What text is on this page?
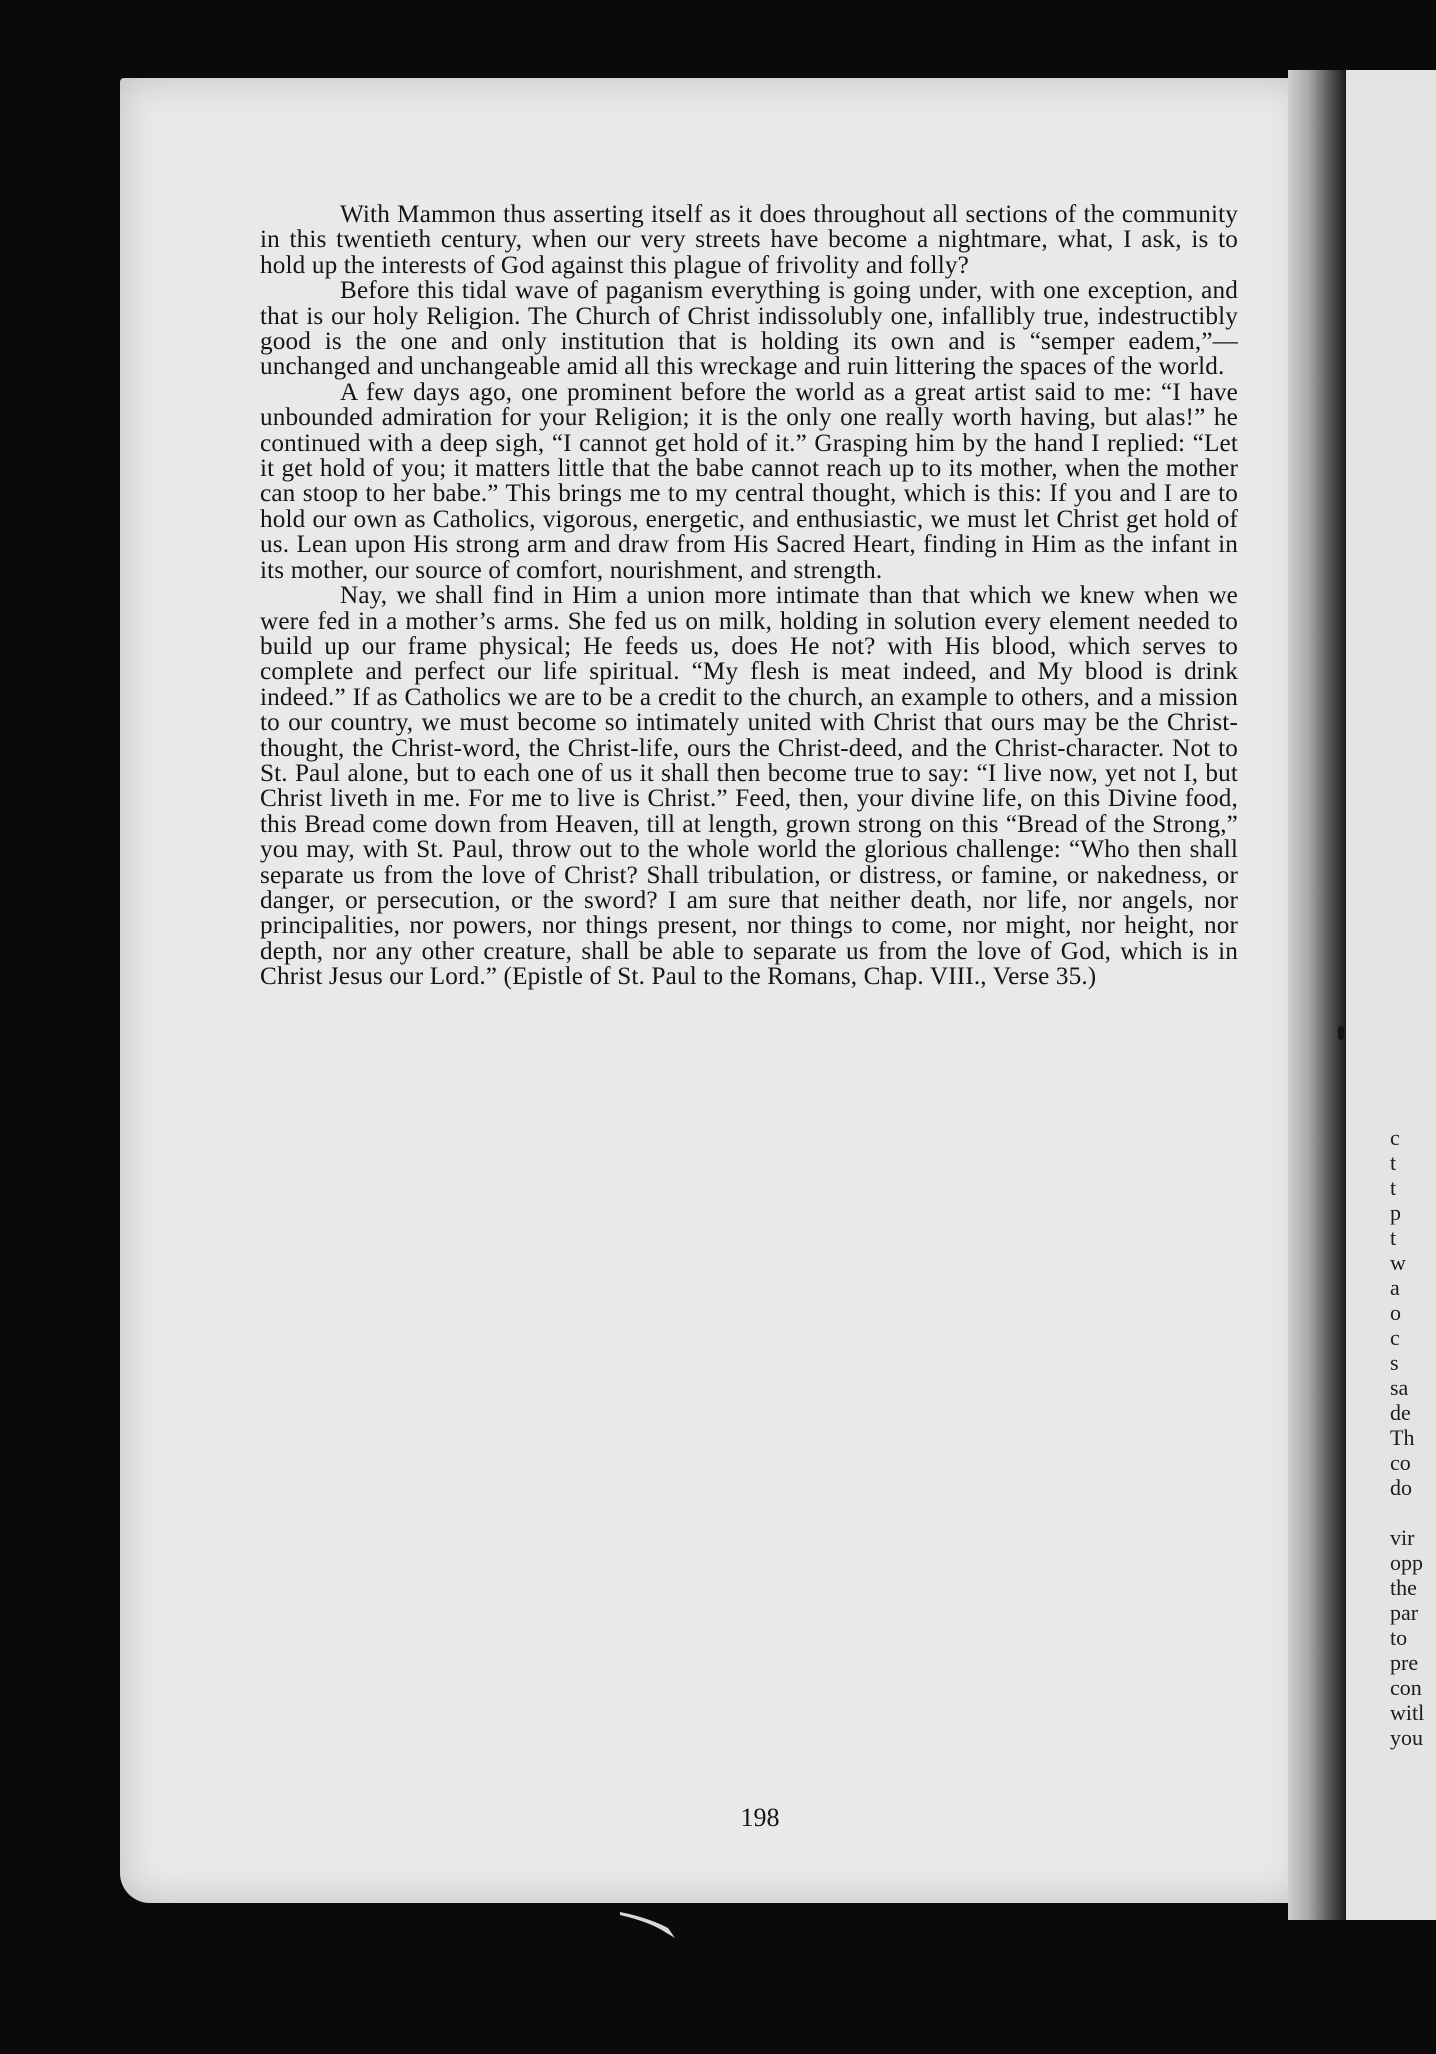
c
t
t
p
t
w
a
o
c
s
sa
de
Th
co
do

vir
opp
the
par
to
pre
con
witl
you

With Mammon thus asserting itself as it does throughout all sections of the community in this twentieth century, when our very streets have become a nightmare, what, I ask, is to hold up the interests of God against this plague of frivolity and folly?

Before this tidal wave of paganism everything is going under, with one exception, and that is our holy Religion. The Church of Christ indissolubly one, infallibly true, indestructibly good is the one and only institution that is holding its own and is “semper eadem,”—unchanged and unchangeable amid all this wreckage and ruin littering the spaces of the world.

A few days ago, one prominent before the world as a great artist said to me: “I have unbounded admiration for your Religion; it is the only one really worth having, but alas!” he continued with a deep sigh, “I cannot get hold of it.” Grasping him by the hand I replied: “Let it get hold of you; it matters little that the babe cannot reach up to its mother, when the mother can stoop to her babe.” This brings me to my central thought, which is this: If you and I are to hold our own as Catholics, vigorous, energetic, and enthusiastic, we must let Christ get hold of us. Lean upon His strong arm and draw from His Sacred Heart, finding in Him as the infant in its mother, our source of comfort, nourishment, and strength.

Nay, we shall find in Him a union more intimate than that which we knew when we were fed in a mother’s arms. She fed us on milk, holding in solution every element needed to build up our frame physical; He feeds us, does He not? with His blood, which serves to complete and perfect our life spiritual. “My flesh is meat indeed, and My blood is drink indeed.” If as Catholics we are to be a credit to the church, an example to others, and a mission to our country, we must become so intimately united with Christ that ours may be the Christ-thought, the Christ-word, the Christ-life, ours the Christ-deed, and the Christ-character. Not to St. Paul alone, but to each one of us it shall then become true to say: “I live now, yet not I, but Christ liveth in me. For me to live is Christ.” Feed, then, your divine life, on this Divine food, this Bread come down from Heaven, till at length, grown strong on this “Bread of the Strong,” you may, with St. Paul, throw out to the whole world the glorious challenge: “Who then shall separate us from the love of Christ? Shall tribulation, or distress, or famine, or nakedness, or danger, or persecution, or the sword? I am sure that neither death, nor life, nor angels, nor principalities, nor powers, nor things present, nor things to come, nor might, nor height, nor depth, nor any other creature, shall be able to separate us from the love of God, which is in Christ Jesus our Lord.” (Epistle of St. Paul to the Romans, Chap. VIII., Verse 35.)

198
